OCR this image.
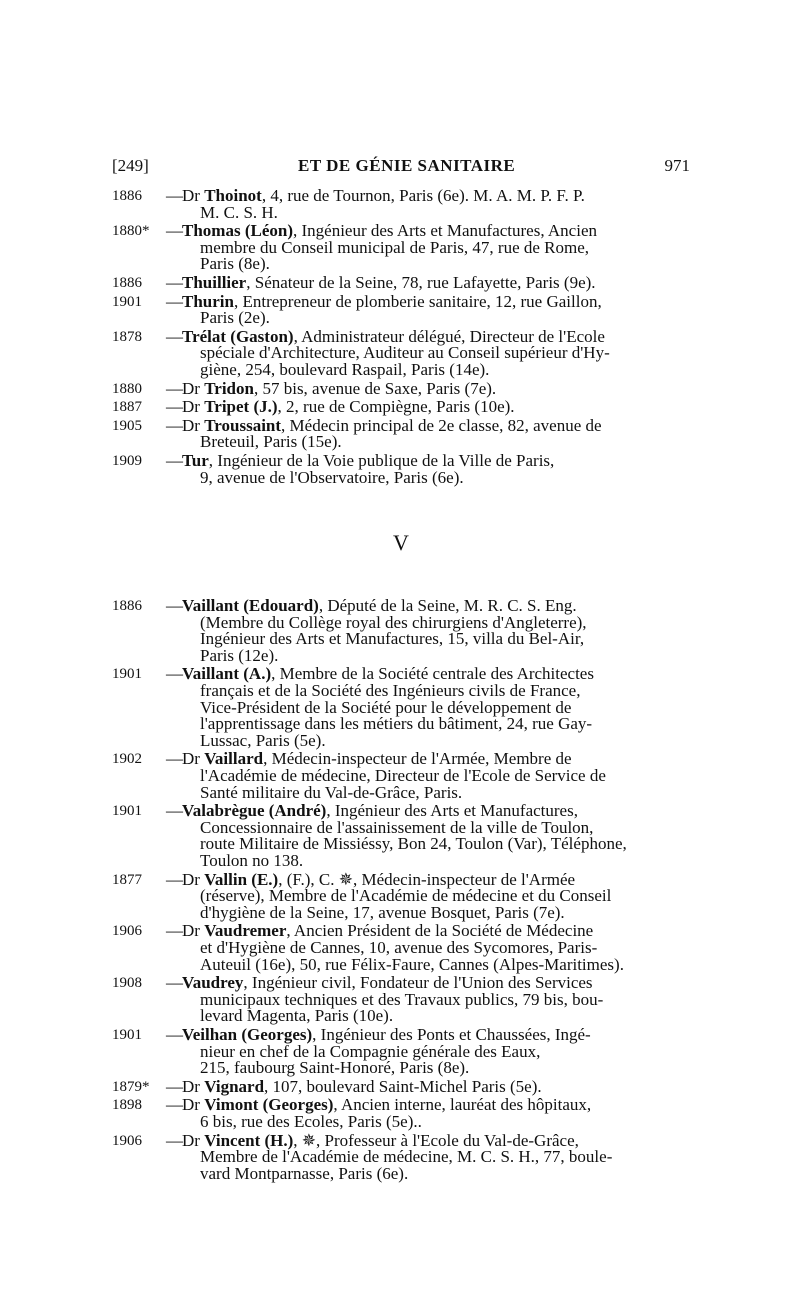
[249]	ET DE GÉNIE SANITAIRE	971
1886	— Dr Thoinot, 4, rue de Tournon, Paris (6e). M. A. M. P. F. P.
M. C. S. H.
1880* — Thomas (Léon), Ingénieur des Arts et Manufactures, Ancien
membre du Conseil municipal de Paris, 47, rue de Rome,
Paris (8e).
1886	— Thuillier, Sénateur de la Seine, 78, rue Lafayette, Paris (9e).
1901	— Thurin, Entrepreneur de plomberie sanitaire, 12, rue Gaillon,
Paris (2e).
1878	— Trélat (Gaston), Administrateur délégué, Directeur de l'Ecole
spéciale d'Architecture, Auditeur au Conseil supérieur d'Hy-
giène, 254, boulevard Raspail, Paris (14e).
1880	— Dr Tridon, 57 bis, avenue de Saxe, Paris (7e).
1887	— Dr Tripet (J.), 2, rue de Compiègne, Paris (10e).
1905	— Dr Troussaint, Médecin principal de 2e classe, 82, avenue de
Breteuil, Paris (15e).
1909	— Tur, Ingénieur de la Voie publique de la Ville de Paris,
9, avenue de l'Observatoire, Paris (6e).
V
1886	— Vaillant (Edouard), Député de la Seine, M. R. C. S. Eng.
(Membre du Collège royal des chirurgiens d'Angleterre),
Ingénieur des Arts et Manufactures, 15, villa du Bel-Air,
Paris (12e).
1901	— Vaillant (A.), Membre de la Société centrale des Architectes
français et de la Société des Ingénieurs civils de France,
Vice-Président de la Société pour le développement de
l'apprentissage dans les métiers du bâtiment, 24, rue Gay-
Lussac, Paris (5e).
1902	— Dr Vaillard, Médecin-inspecteur de l'Armée, Membre de
l'Académie de médecine, Directeur de l'Ecole de Service de
Santé militaire du Val-de-Grâce, Paris.
1901	— Valabrègue (André), Ingénieur des Arts et Manufactures,
Concessionnaire de l'assainissement de la ville de Toulon,
route Militaire de Missiéssy, Bon 24, Toulon (Var), Téléphone,
Toulon no 138.
1877	— Dr Vallin (E.), (F.), C. ✵, Médecin-inspecteur de l'Armée
(réserve), Membre de l'Académie de médecine et du Conseil
d'hygiène de la Seine, 17, avenue Bosquet, Paris (7e).
1906	— Dr Vaudremer, Ancien Président de la Société de Médecine
et d'Hygiène de Cannes, 10, avenue des Sycomores, Paris-
Auteuil (16e), 50, rue Félix-Faure, Cannes (Alpes-Maritimes).
1908	— Vaudrey, Ingénieur civil, Fondateur de l'Union des Services
municipaux techniques et des Travaux publics, 79 bis, bou-
levard Magenta, Paris (10e).
1901	— Veilhan (Georges), Ingénieur des Ponts et Chaussées, Ingé-
nieur en chef de la Compagnie générale des Eaux,
215, faubourg Saint-Honoré, Paris (8e).
1879* — Dr Vignard, 107, boulevard Saint-Michel Paris (5e).
1898	— Dr Vimont (Georges), Ancien interne, lauréat des hôpitaux,
6 bis, rue des Ecoles, Paris (5e)..
1906	— Dr Vincent (H.), ✵, Professeur à l'Ecole du Val-de-Grâce,
Membre de l'Académie de médecine, M. C. S. H., 77, boule-
vard Montparnasse, Paris (6e).
